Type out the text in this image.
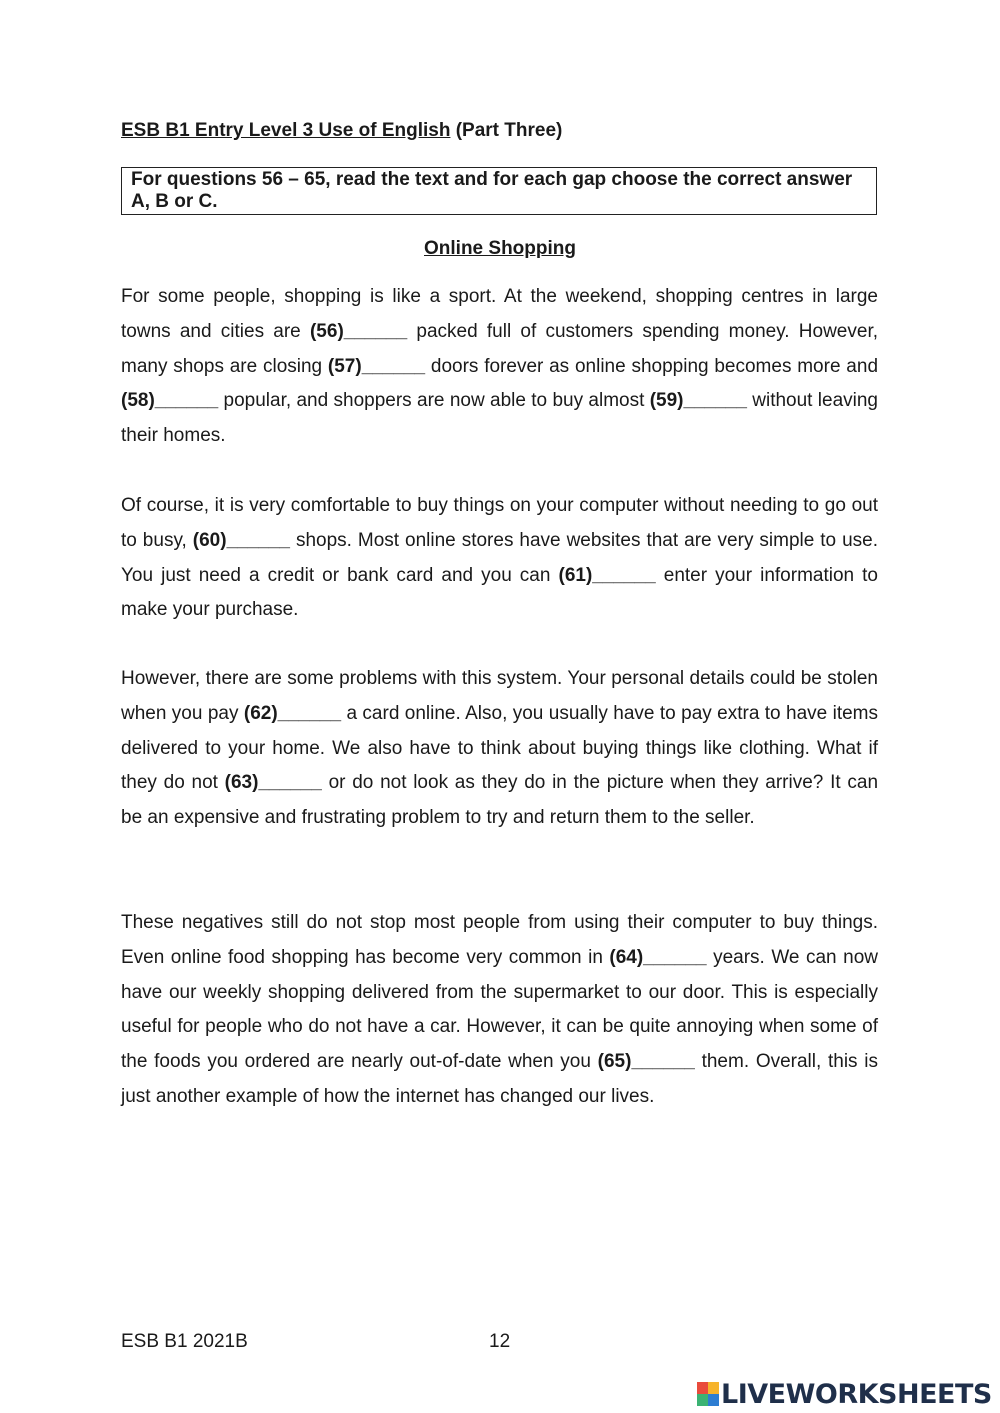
ESB B1 Entry Level 3 Use of English (Part Three)
For questions 56 – 65, read the text and for each gap choose the correct answer A, B or C.
Online Shopping

For some people, shopping is like a sport. At the weekend, shopping centres in large towns and cities are (56)______ packed full of customers spending money. However, many shops are closing (57)______ doors forever as online shopping becomes more and (58)______ popular, and shoppers are now able to buy almost (59)______ without leaving their homes.

Of course, it is very comfortable to buy things on your computer without needing to go out to busy, (60)______ shops. Most online stores have websites that are very simple to use. You just need a credit or bank card and you can (61)______ enter your information to make your purchase.

However, there are some problems with this system. Your personal details could be stolen when you pay (62)______ a card online. Also, you usually have to pay extra to have items delivered to your home. We also have to think about buying things like clothing. What if they do not (63)______ or do not look as they do in the picture when they arrive? It can be an expensive and frustrating problem to try and return them to the seller.

These negatives still do not stop most people from using their computer to buy things. Even online food shopping has become very common in (64)______ years. We can now have our weekly shopping delivered from the supermarket to our door. This is especially useful for people who do not have a car. However, it can be quite annoying when some of the foods you ordered are nearly out-of-date when you (65)______ them. Overall, this is just another example of how the internet has changed our lives.

ESB B1 2021B	12
LIVEWORKSHEETS
